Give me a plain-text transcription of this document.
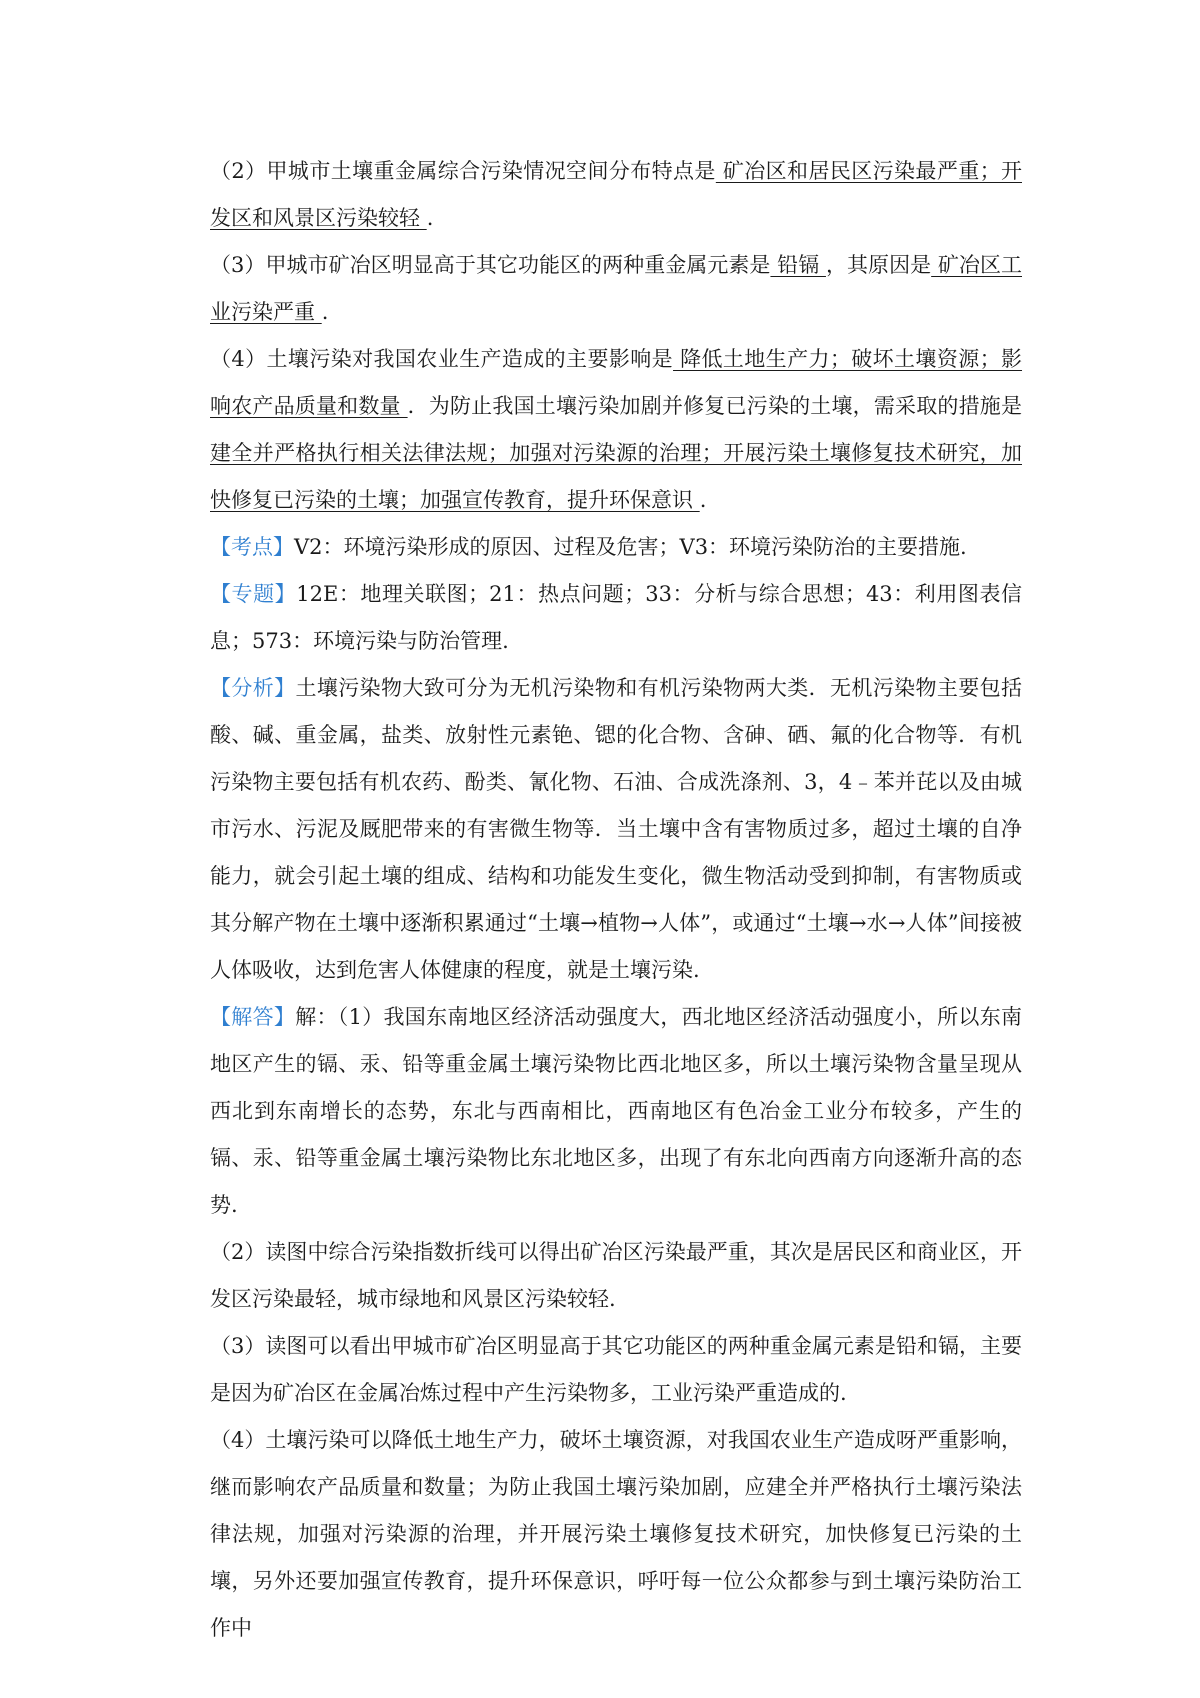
（2）甲城市土壤重金属综合污染情况空间分布特点是 矿冶区和居民区污染最严重；开发区和风景区污染较轻 .

（3）甲城市矿冶区明显高于其它功能区的两种重金属元素是 铅镉 ，其原因是 矿冶区工业污染严重 .

（4）土壤污染对我国农业生产造成的主要影响是 降低土地生产力；破坏土壤资源；影响农产品质量和数量 ．为防止我国土壤污染加剧并修复已污染的土壤，需采取的措施是 建全并严格执行相关法律法规；加强对污染源的治理；开展污染土壤修复技术研究，加快修复已污染的土壤；加强宣传教育，提升环保意识 .

【考点】V2：环境污染形成的原因、过程及危害；V3：环境污染防治的主要措施.

【专题】12E：地理关联图；21：热点问题；33：分析与综合思想；43：利用图表信息；573：环境污染与防治管理.

【分析】土壤污染物大致可分为无机污染物和有机污染物两大类．无机污染物主要包括酸、碱、重金属，盐类、放射性元素铯、锶的化合物、含砷、硒、氟的化合物等．有机污染物主要包括有机农药、酚类、氰化物、石油、合成洗涤剂、3，4﹣苯并芘以及由城市污水、污泥及厩肥带来的有害微生物等．当土壤中含有害物质过多，超过土壤的自净能力，就会引起土壤的组成、结构和功能发生变化，微生物活动受到抑制，有害物质或其分解产物在土壤中逐渐积累通过“土壤→植物→人体”，或通过“土壤→水→人体”间接被人体吸收，达到危害人体健康的程度，就是土壤污染.

【解答】解：（1）我国东南地区经济活动强度大，西北地区经济活动强度小，所以东南地区产生的镉、汞、铅等重金属土壤污染物比西北地区多，所以土壤污染物含量呈现从西北到东南增长的态势，东北与西南相比，西南地区有色冶金工业分布较多，产生的镉、汞、铅等重金属土壤污染物比东北地区多，出现了有东北向西南方向逐渐升高的态势.

（2）读图中综合污染指数折线可以得出矿冶区污染最严重，其次是居民区和商业区，开发区污染最轻，城市绿地和风景区污染较轻.

（3）读图可以看出甲城市矿冶区明显高于其它功能区的两种重金属元素是铅和镉，主要是因为矿冶区在金属冶炼过程中产生污染物多，工业污染严重造成的.

（4）土壤污染可以降低土地生产力，破坏土壤资源，对我国农业生产造成呀严重影响，继而影响农产品质量和数量；为防止我国土壤污染加剧，应建全并严格执行土壤污染法律法规，加强对污染源的治理，并开展污染土壤修复技术研究，加快修复已污染的土壤，另外还要加强宣传教育，提升环保意识，呼吁每一位公众都参与到土壤污染防治工作中
